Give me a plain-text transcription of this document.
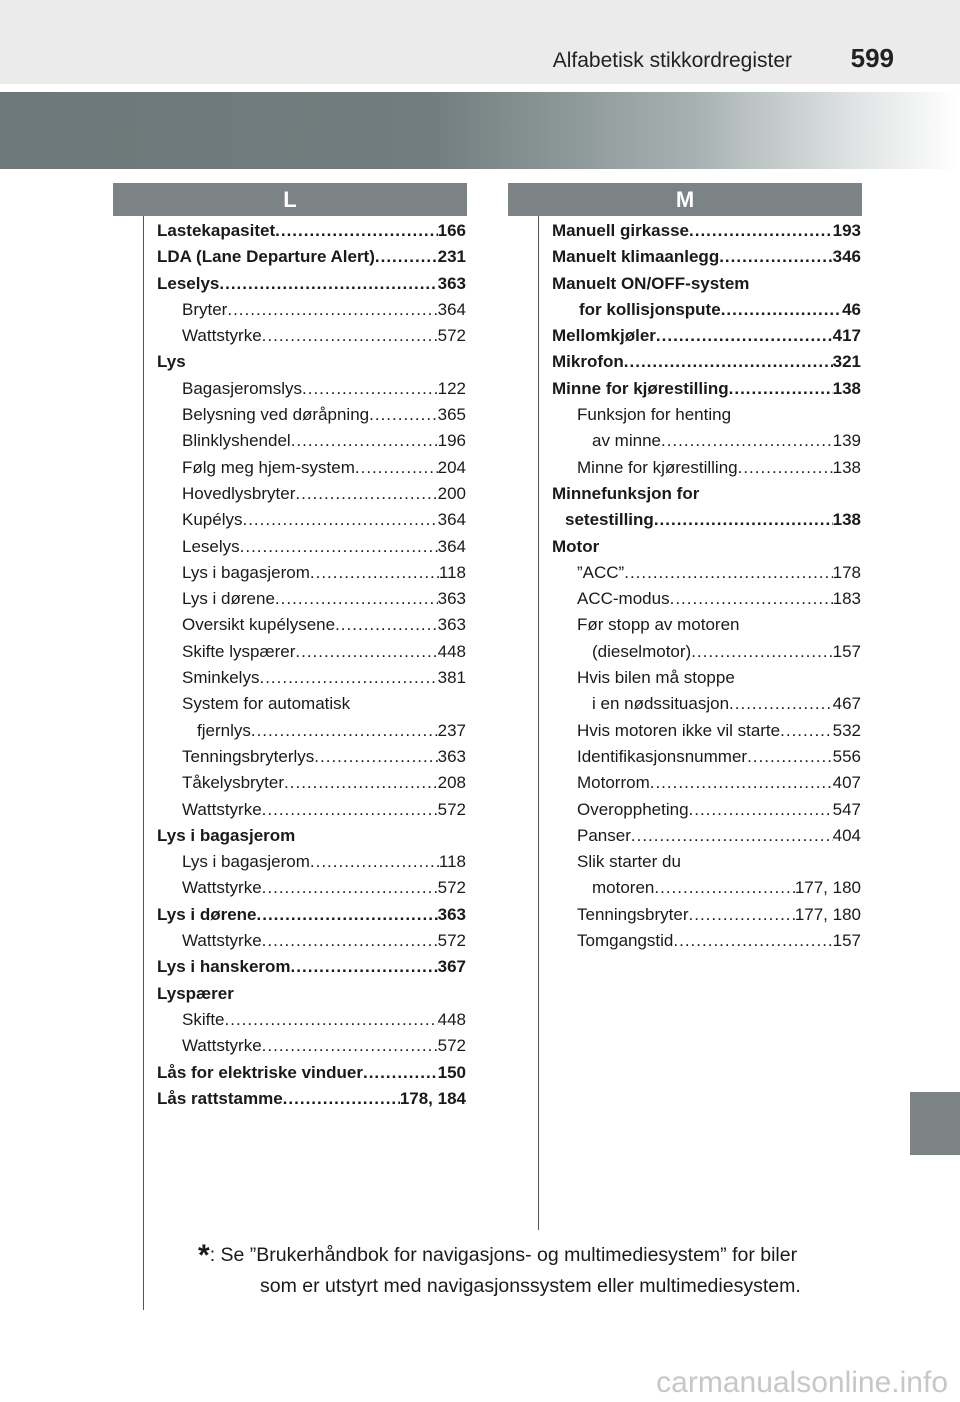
Alfabetisk stikkordregister 599
L	M
Lastekapasitet .....	166
LDA (Lane Departure Alert) .....	231
Leselys .....	363
Bryter .....	364
Wattstyrke .....	572
Lys
Bagasjeromslys .....	122
Belysning ved døråpning .....	365
Blinklyshendel .....	196
Følg meg hjem-system .....	204
Hovedlysbryter .....	200
Kupélys .....	364
Leselys .....	364
Lys i bagasjerom .....	118
Lys i dørene .....	363
Oversikt kupélysene .....	363
Skifte lyspærer .....	448
Sminkelys .....	381
System for automatisk
fjernlys .....	237
Tenningsbryterlys .....	363
Tåkelysbryter .....	208
Wattstyrke .....	572
Lys i bagasjerom
Lys i bagasjerom .....	118
Wattstyrke .....	572
Lys i dørene .....	363
Wattstyrke .....	572
Lys i hanskerom .....	367
Lyspærer
Skifte .....	448
Wattstyrke .....	572
Lås for elektriske vinduer .....	150
Lås rattstamme .....	178, 184
Manuell girkasse .....	193
Manuelt klimaanlegg .....	346
Manuelt ON/OFF-system
for kollisjonspute .....	46
Mellomkjøler .....	417
Mikrofon .....	321
Minne for kjørestilling .....	138
Funksjon for henting
av minne .....	139
Minne for kjørestilling .....	138
Minnefunksjon for
setestilling .....	138
Motor
”ACC” .....	178
ACC-modus .....	183
Før stopp av motoren
(dieselmotor) .....	157
Hvis bilen må stoppe
i en nødssituasjon .....	467
Hvis motoren ikke vil starte .....	532
Identifikasjonsnummer .....	556
Motorrom .....	407
Overoppheting .....	547
Panser .....	404
Slik starter du
motoren .....	177, 180
Tenningsbryter .....	177, 180
Tomgangstid .....	157
*: Se ”Brukerhåndbok for navigasjons- og multimediesystem” for biler
som er utstyrt med navigasjonssystem eller multimediesystem.
carmanualsonline.info
